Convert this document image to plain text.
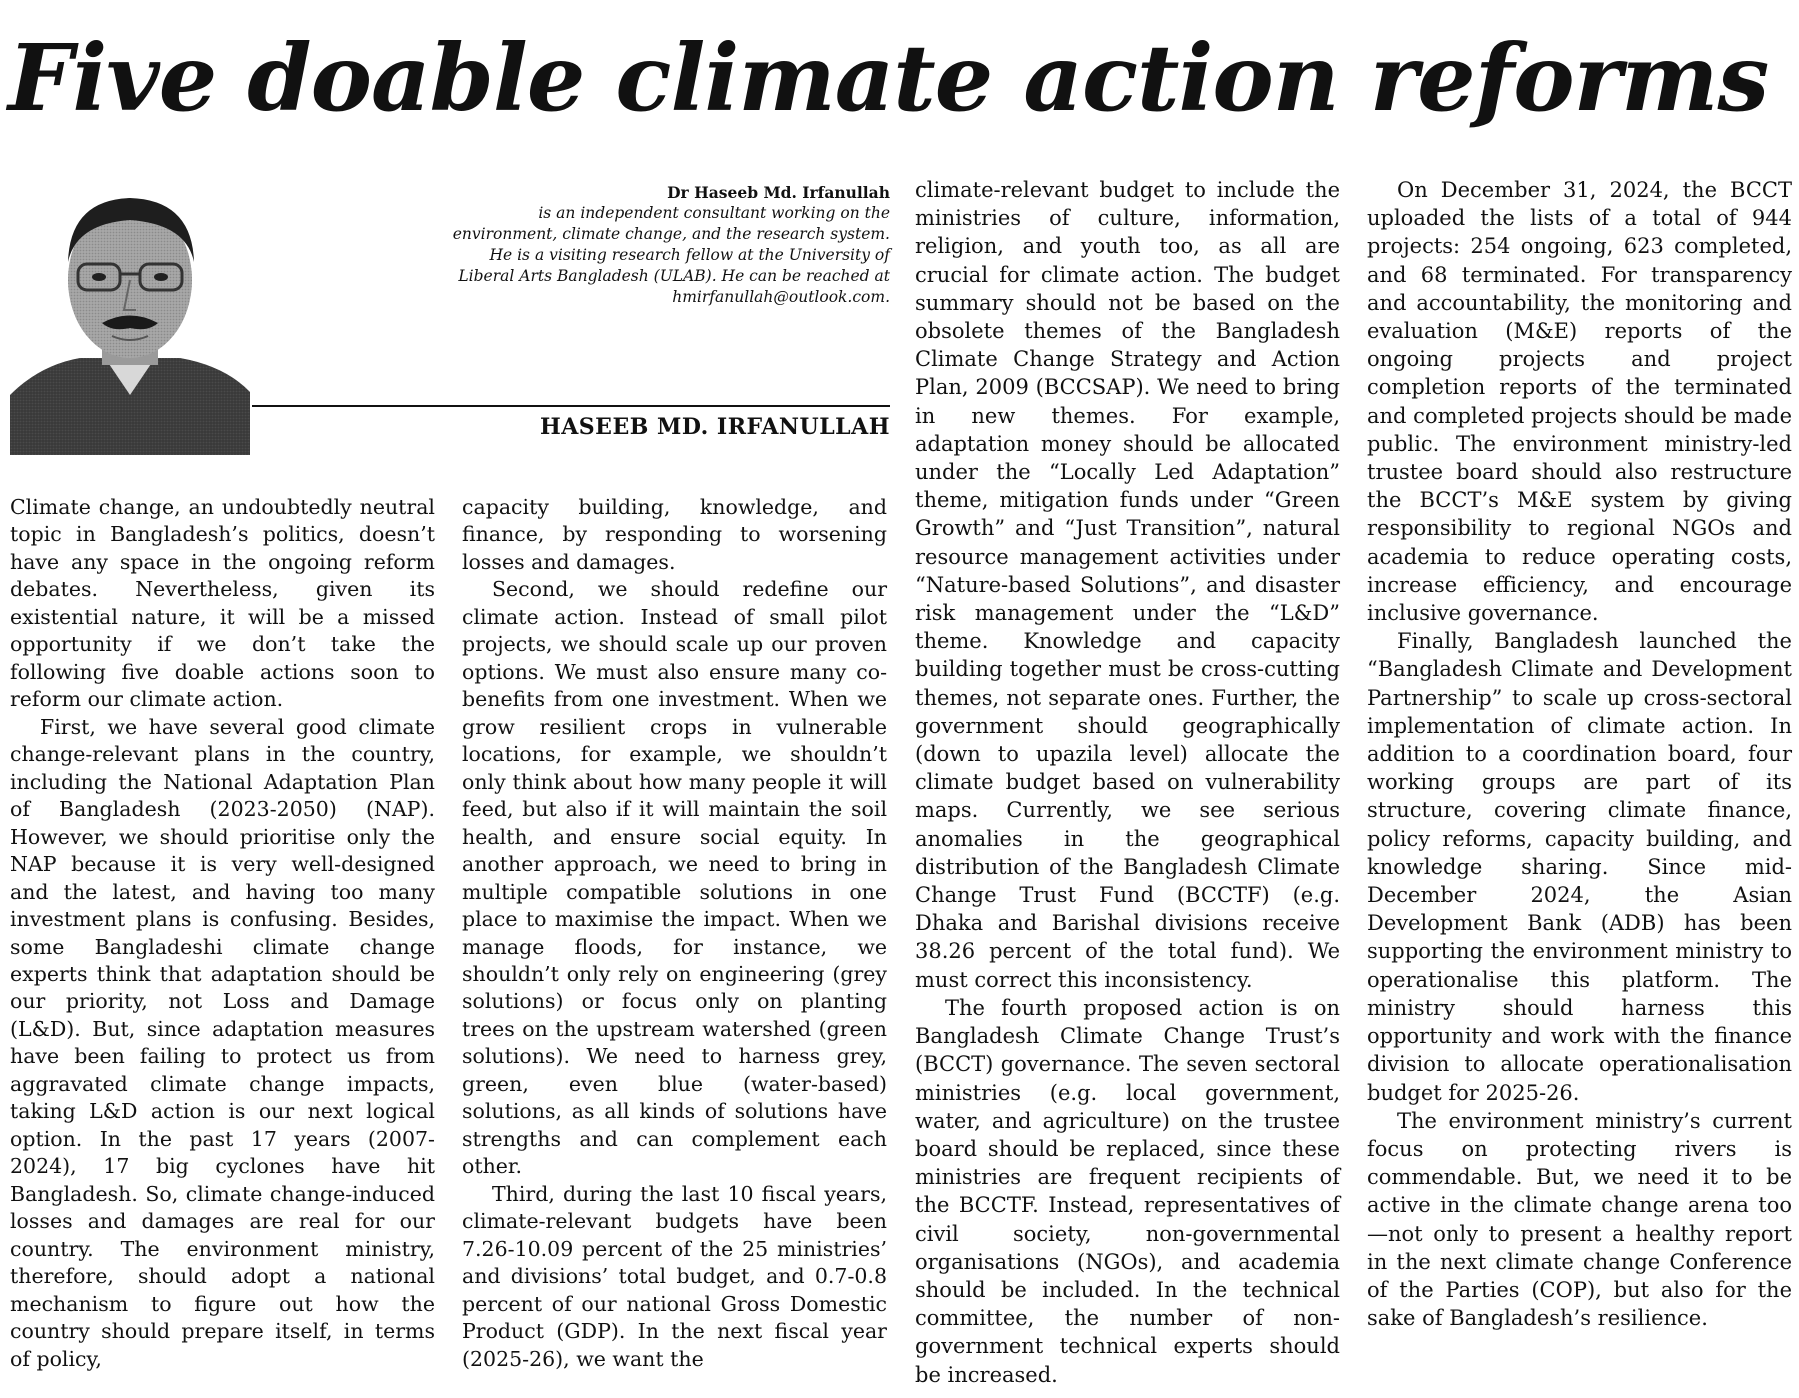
Five doable climate action reforms
Dr Haseeb Md. Irfanullah
is an independent consultant working on the environment, climate change, and the research system. He is a visiting research fellow at the University of Liberal Arts Bangladesh (ULAB). He can be reached at hmirfanullah@outlook.com.
HASEEB MD. IRFANULLAH

Climate change, an undoubtedly neutral topic in Bangladesh’s politics, doesn’t have any space in the ongoing reform debates. Nevertheless, given its existential nature, it will be a missed opportunity if we don’t take the following five doable actions soon to reform our climate action.

First, we have several good climate change-relevant plans in the country, including the National Adaptation Plan of Bangladesh (2023-2050) (NAP). However, we should prioritise only the NAP because it is very well-designed and the latest, and having too many investment plans is confusing. Besides, some Bangladeshi climate change experts think that adaptation should be our priority, not Loss and Damage (L&D). But, since adaptation measures have been failing to protect us from aggravated climate change impacts, taking L&D action is our next logical option. In the past 17 years (2007-2024), 17 big cyclones have hit Bangladesh. So, climate change-induced losses and damages are real for our country. The environment ministry, therefore, should adopt a national mechanism to figure out how the country should prepare itself, in terms of policy,

capacity building, knowledge, and finance, by responding to worsening losses and damages.

Second, we should redefine our climate action. Instead of small pilot projects, we should scale up our proven options. We must also ensure many co-benefits from one investment. When we grow resilient crops in vulnerable locations, for example, we shouldn’t only think about how many people it will feed, but also if it will maintain the soil health, and ensure social equity. In another approach, we need to bring in multiple compatible solutions in one place to maximise the impact. When we manage floods, for instance, we shouldn’t only rely on engineering (grey solutions) or focus only on planting trees on the upstream watershed (green solutions). We need to harness grey, green, even blue (water-based) solutions, as all kinds of solutions have strengths and can complement each other.

Third, during the last 10 fiscal years, climate-relevant budgets have been 7.26-10.09 percent of the 25 ministries’ and divisions’ total budget, and 0.7-0.8 percent of our national Gross Domestic Product (GDP). In the next fiscal year (2025-26), we want the

climate-relevant budget to include the ministries of culture, information, religion, and youth too, as all are crucial for climate action. The budget summary should not be based on the obsolete themes of the Bangladesh Climate Change Strategy and Action Plan, 2009 (BCCSAP). We need to bring in new themes. For example, adaptation money should be allocated under the “Locally Led Adaptation” theme, mitigation funds under “Green Growth” and “Just Transition”, natural resource management activities under “Nature-based Solutions”, and disaster risk management under the “L&D” theme. Knowledge and capacity building together must be cross-cutting themes, not separate ones. Further, the government should geographically (down to upazila level) allocate the climate budget based on vulnerability maps. Currently, we see serious anomalies in the geographical distribution of the Bangladesh Climate Change Trust Fund (BCCTF) (e.g. Dhaka and Barishal divisions receive 38.26 percent of the total fund). We must correct this inconsistency.

The fourth proposed action is on Bangladesh Climate Change Trust’s (BCCT) governance. The seven sectoral ministries (e.g. local government, water, and agriculture) on the trustee board should be replaced, since these ministries are frequent recipients of the BCCTF. Instead, representatives of civil society, non-governmental organisations (NGOs), and academia should be included. In the technical committee, the number of non-government technical experts should be increased.

On December 31, 2024, the BCCT uploaded the lists of a total of 944 projects: 254 ongoing, 623 completed, and 68 terminated. For transparency and accountability, the monitoring and evaluation (M&E) reports of the ongoing projects and project completion reports of the terminated and completed projects should be made public. The environment ministry-led trustee board should also restructure the BCCT’s M&E system by giving responsibility to regional NGOs and academia to reduce operating costs, increase efficiency, and encourage inclusive governance.

Finally, Bangladesh launched the “Bangladesh Climate and Development Partnership” to scale up cross-sectoral implementation of climate action. In addition to a coordination board, four working groups are part of its structure, covering climate finance, policy reforms, capacity building, and knowledge sharing. Since mid-December 2024, the Asian Development Bank (ADB) has been supporting the environment ministry to operationalise this platform. The ministry should harness this opportunity and work with the finance division to allocate operationalisation budget for 2025-26.

The environment ministry’s current focus on protecting rivers is commendable. But, we need it to be active in the climate change arena too—not only to present a healthy report in the next climate change Conference of the Parties (COP), but also for the sake of Bangladesh’s resilience.
